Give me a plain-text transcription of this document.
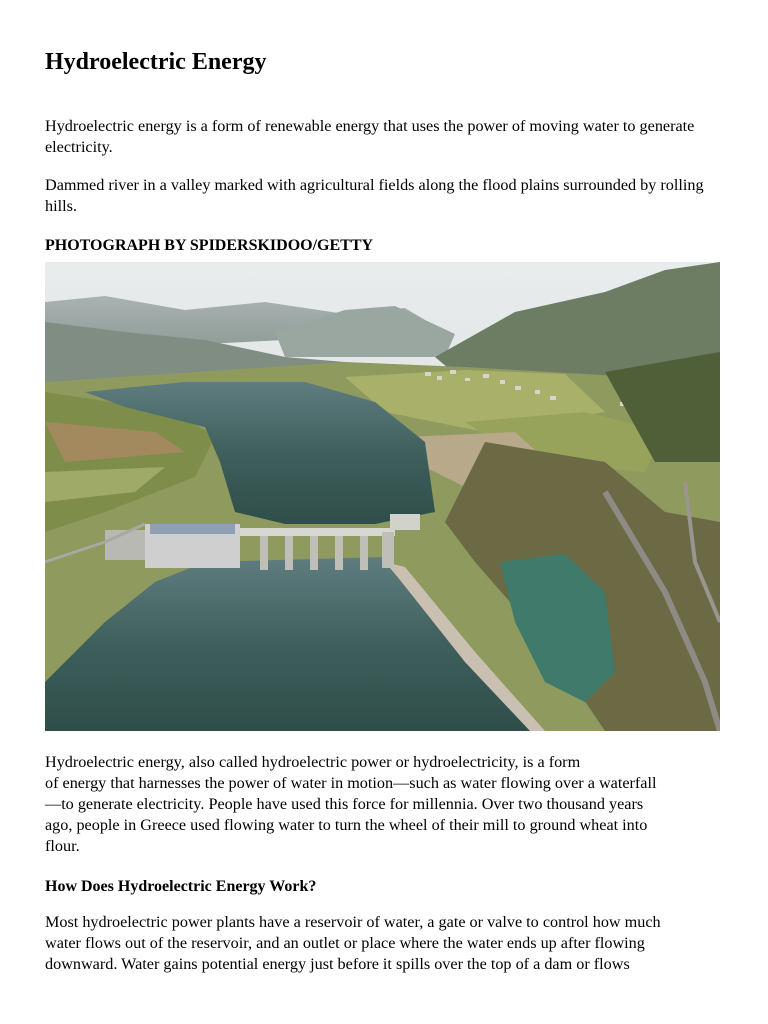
Hydroelectric Energy

Hydroelectric energy is a form of renewable energy that uses the power of moving water to generate electricity.

Dammed river in a valley marked with agricultural fields along the flood plains surrounded by rolling hills.

PHOTOGRAPH BY SPIDERSKIDOO/GETTY

Hydroelectric energy, also called hydroelectric power or hydroelectricity, is a form
of energy that harnesses the power of water in motion—such as water flowing over a waterfall
—to generate electricity. People have used this force for millennia. Over two thousand years
ago, people in Greece used flowing water to turn the wheel of their mill to ground wheat into
flour.

How Does Hydroelectric Energy Work?

Most hydroelectric power plants have a reservoir of water, a gate or valve to control how much
water flows out of the reservoir, and an outlet or place where the water ends up after flowing
downward. Water gains potential energy just before it spills over the top of a dam or flows
